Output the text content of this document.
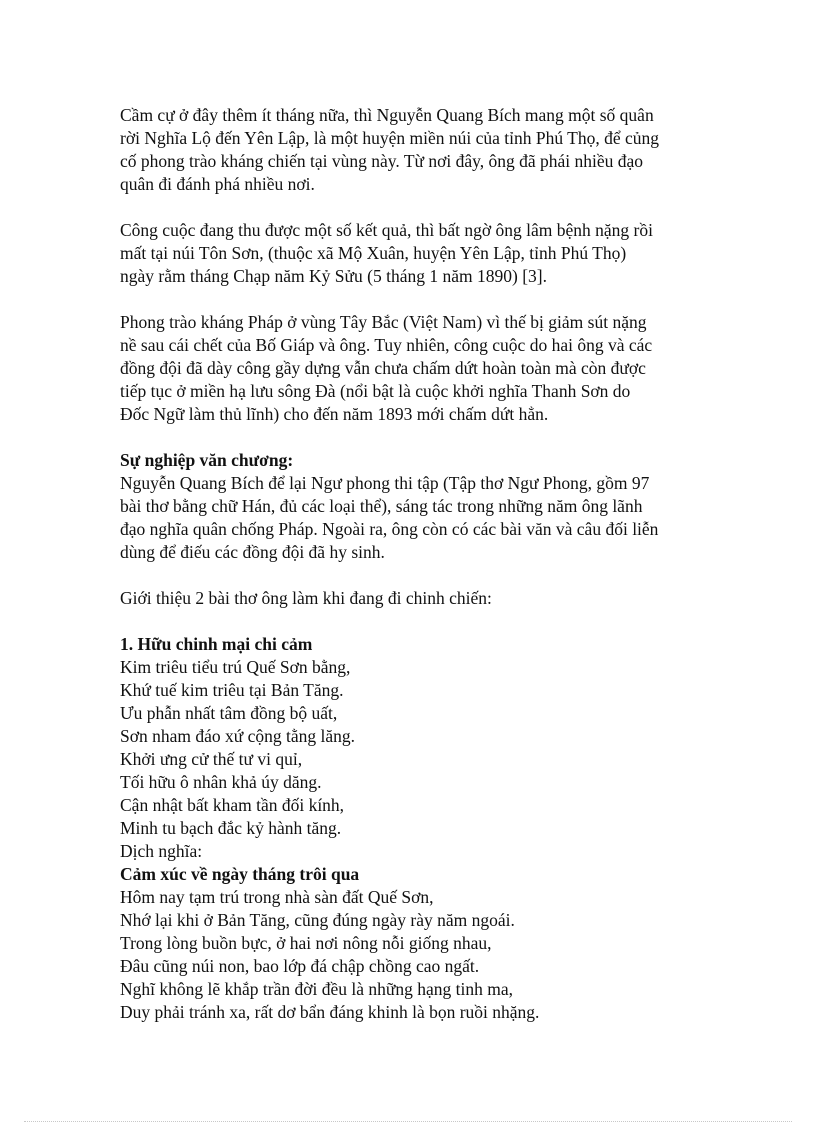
Cầm cự ở đây thêm ít tháng nữa, thì Nguyễn Quang Bích mang một số quân
rời Nghĩa Lộ đến Yên Lập, là một huyện miền núi của tỉnh Phú Thọ, để củng
cố phong trào kháng chiến tại vùng này. Từ nơi đây, ông đã phái nhiều đạo
quân đi đánh phá nhiều nơi.
Công cuộc đang thu được một số kết quả, thì bất ngờ ông lâm bệnh nặng rồi
mất tại núi Tôn Sơn, (thuộc xã Mộ Xuân, huyện Yên Lập, tỉnh Phú Thọ)
ngày rằm tháng Chạp năm Kỷ Sửu (5 tháng 1 năm 1890) [3].
Phong trào kháng Pháp ở vùng Tây Bắc (Việt Nam) vì thế bị giảm sút nặng
nề sau cái chết của Bố Giáp và ông. Tuy nhiên, công cuộc do hai ông và các
đồng đội đã dày công gầy dựng vẫn chưa chấm dứt hoàn toàn mà còn được
tiếp tục ở miền hạ lưu sông Đà (nổi bật là cuộc khởi nghĩa Thanh Sơn do
Đốc Ngữ làm thủ lĩnh) cho đến năm 1893 mới chấm dứt hẳn.
Sự nghiệp văn chương:
Nguyễn Quang Bích để lại Ngư phong thi tập (Tập thơ Ngư Phong, gồm 97
bài thơ bằng chữ Hán, đủ các loại thể), sáng tác trong những năm ông lãnh
đạo nghĩa quân chống Pháp. Ngoài ra, ông còn có các bài văn và câu đối liễn
dùng để điếu các đồng đội đã hy sinh.
Giới thiệu 2 bài thơ ông làm khi đang đi chinh chiến:
1. Hữu chinh mại chi cảm
Kim triêu tiểu trú Quế Sơn bằng,
Khứ tuế kim triêu tại Bản Tăng.
Ưu phẫn nhất tâm đồng bộ uất,
Sơn nham đáo xứ cộng tằng lăng.
Khởi ưng cử thế tư vi quỉ,
Tối hữu ô nhân khả úy dăng.
Cận nhật bất kham tần đối kính,
Minh tu bạch đắc kỷ hành tăng.
Dịch nghĩa:
Cảm xúc về ngày tháng trôi qua
Hôm nay tạm trú trong nhà sàn đất Quế Sơn,
Nhớ lại khi ở Bản Tăng, cũng đúng ngày rày năm ngoái.
Trong lòng buồn bực, ở hai nơi nông nỗi giống nhau,
Đâu cũng núi non, bao lớp đá chập chồng cao ngất.
Nghĩ không lẽ khắp trần đời đều là những hạng tinh ma,
Duy phải tránh xa, rất dơ bẩn đáng khinh là bọn ruồi nhặng.
